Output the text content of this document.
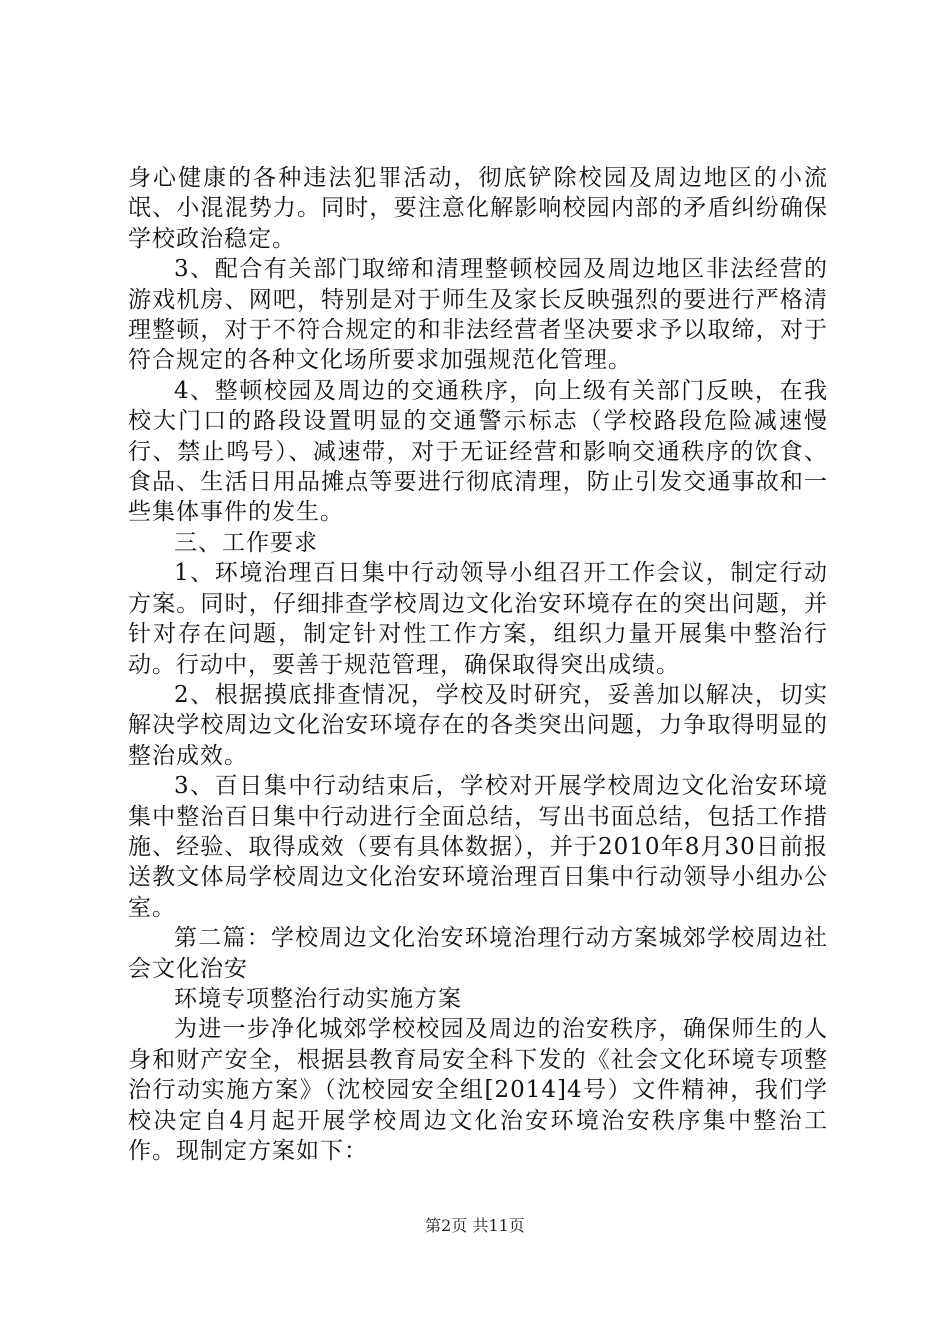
身心健康的各种违法犯罪活动，彻底铲除校园及周边地区的小流氓、小混混势力。同时，要注意化解影响校园内部的矛盾纠纷确保学校政治稳定。

3、配合有关部门取缔和清理整顿校园及周边地区非法经营的游戏机房、网吧，特别是对于师生及家长反映强烈的要进行严格清理整顿，对于不符合规定的和非法经营者坚决要求予以取缔，对于符合规定的各种文化场所要求加强规范化管理。

4、整顿校园及周边的交通秩序，向上级有关部门反映，在我校大门口的路段设置明显的交通警示标志（学校路段危险减速慢行、禁止鸣号）、减速带，对于无证经营和影响交通秩序的饮食、食品、生活日用品摊点等要进行彻底清理，防止引发交通事故和一些集体事件的发生。

三、工作要求

1、环境治理百日集中行动领导小组召开工作会议，制定行动方案。同时，仔细排查学校周边文化治安环境存在的突出问题，并针对存在问题，制定针对性工作方案，组织力量开展集中整治行动。行动中，要善于规范管理，确保取得突出成绩。

2、根据摸底排查情况，学校及时研究，妥善加以解决，切实解决学校周边文化治安环境存在的各类突出问题，力争取得明显的整治成效。

3、百日集中行动结束后，学校对开展学校周边文化治安环境集中整治百日集中行动进行全面总结，写出书面总结，包括工作措施、经验、取得成效（要有具体数据），并于2010年8月30日前报送教文体局学校周边文化治安环境治理百日集中行动领导小组办公室。

第二篇：学校周边文化治安环境治理行动方案城郊学校周边社会文化治安

环境专项整治行动实施方案

为进一步净化城郊学校校园及周边的治安秩序，确保师生的人身和财产安全，根据县教育局安全科下发的《社会文化环境专项整治行动实施方案》（沈校园安全组[2014]4号）文件精神，我们学校决定自4月起开展学校周边文化治安环境治安秩序集中整治工作。现制定方案如下：

第2页 共11页
